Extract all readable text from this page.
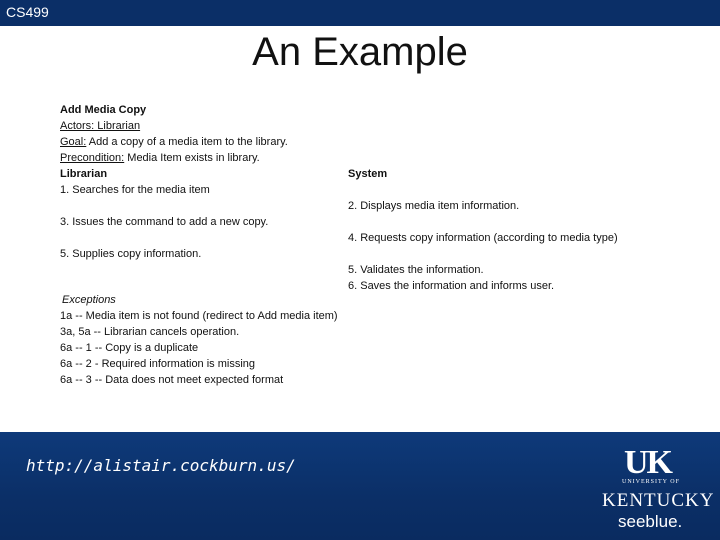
CS499
An Example
Add Media Copy
Actors: Librarian
Goal: Add a copy of a media item to the library.
Precondition: Media Item exists in library.
Librarian	System
1. Searches for the media item
2. Displays media item information.
3. Issues the command to add a new copy.
4. Requests copy information (according to media type)
5. Supplies copy information.
5. Validates the information.
6. Saves the information and informs user.
Exceptions
1a -- Media item is not found (redirect to Add media item)
3a, 5a -- Librarian cancels operation.
6a -- 1 -- Copy is a duplicate
6a -- 2 - Required information is missing
6a -- 3 -- Data does not meet expected format
http://alistair.cockburn.us/	UK
UNIVERSITY OF
KENTUCKY
seeblue.
